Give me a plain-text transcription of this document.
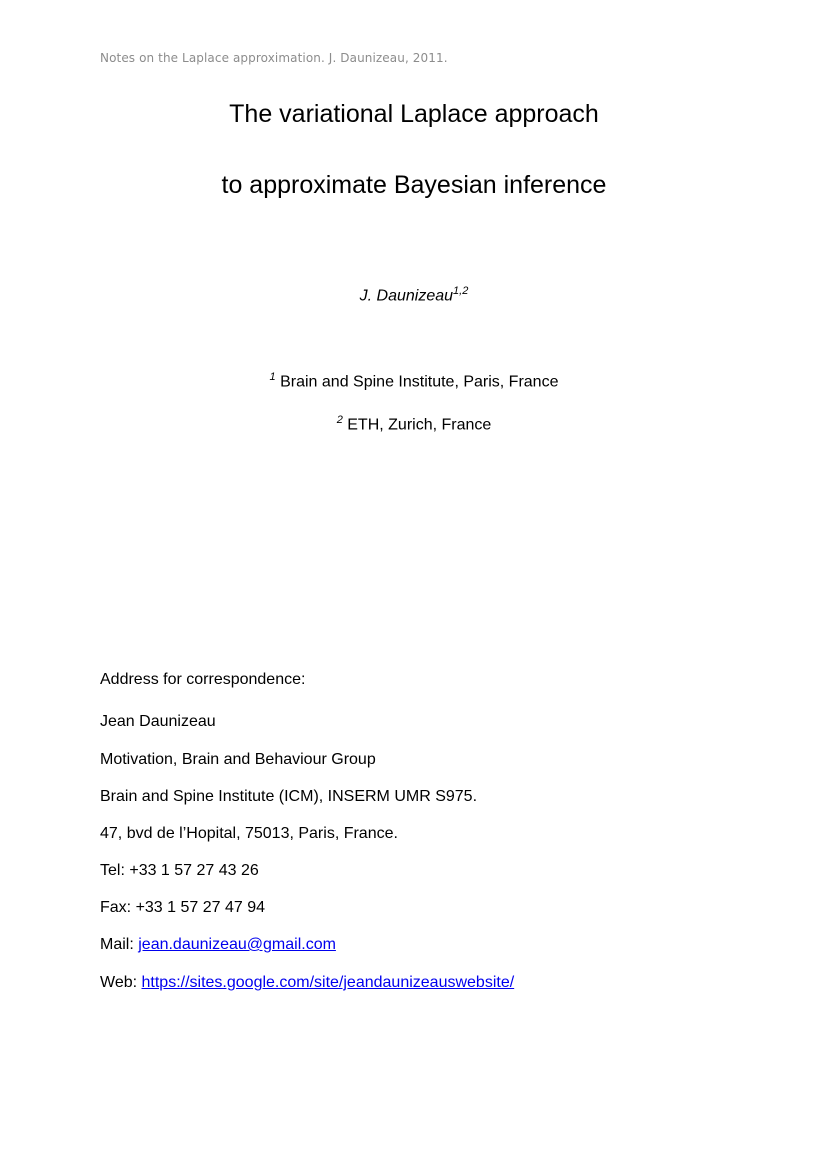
Notes on the Laplace approximation. J. Daunizeau, 2011.
The variational Laplace approach
to approximate Bayesian inference
J. Daunizeau$^{1,2}$
$^1$ Brain and Spine Institute, Paris, France
$^2$ ETH, Zurich, France
Address for correspondence:
Jean Daunizeau
Motivation, Brain and Behaviour Group
Brain and Spine Institute (ICM), INSERM UMR S975.
47, bvd de l’Hopital, 75013, Paris, France.
Tel: +33 1 57 27 43 26
Fax: +33 1 57 27 47 94
Mail: jean.daunizeau@gmail.com
Web: https://sites.google.com/site/jeandaunizeauswebsite/
